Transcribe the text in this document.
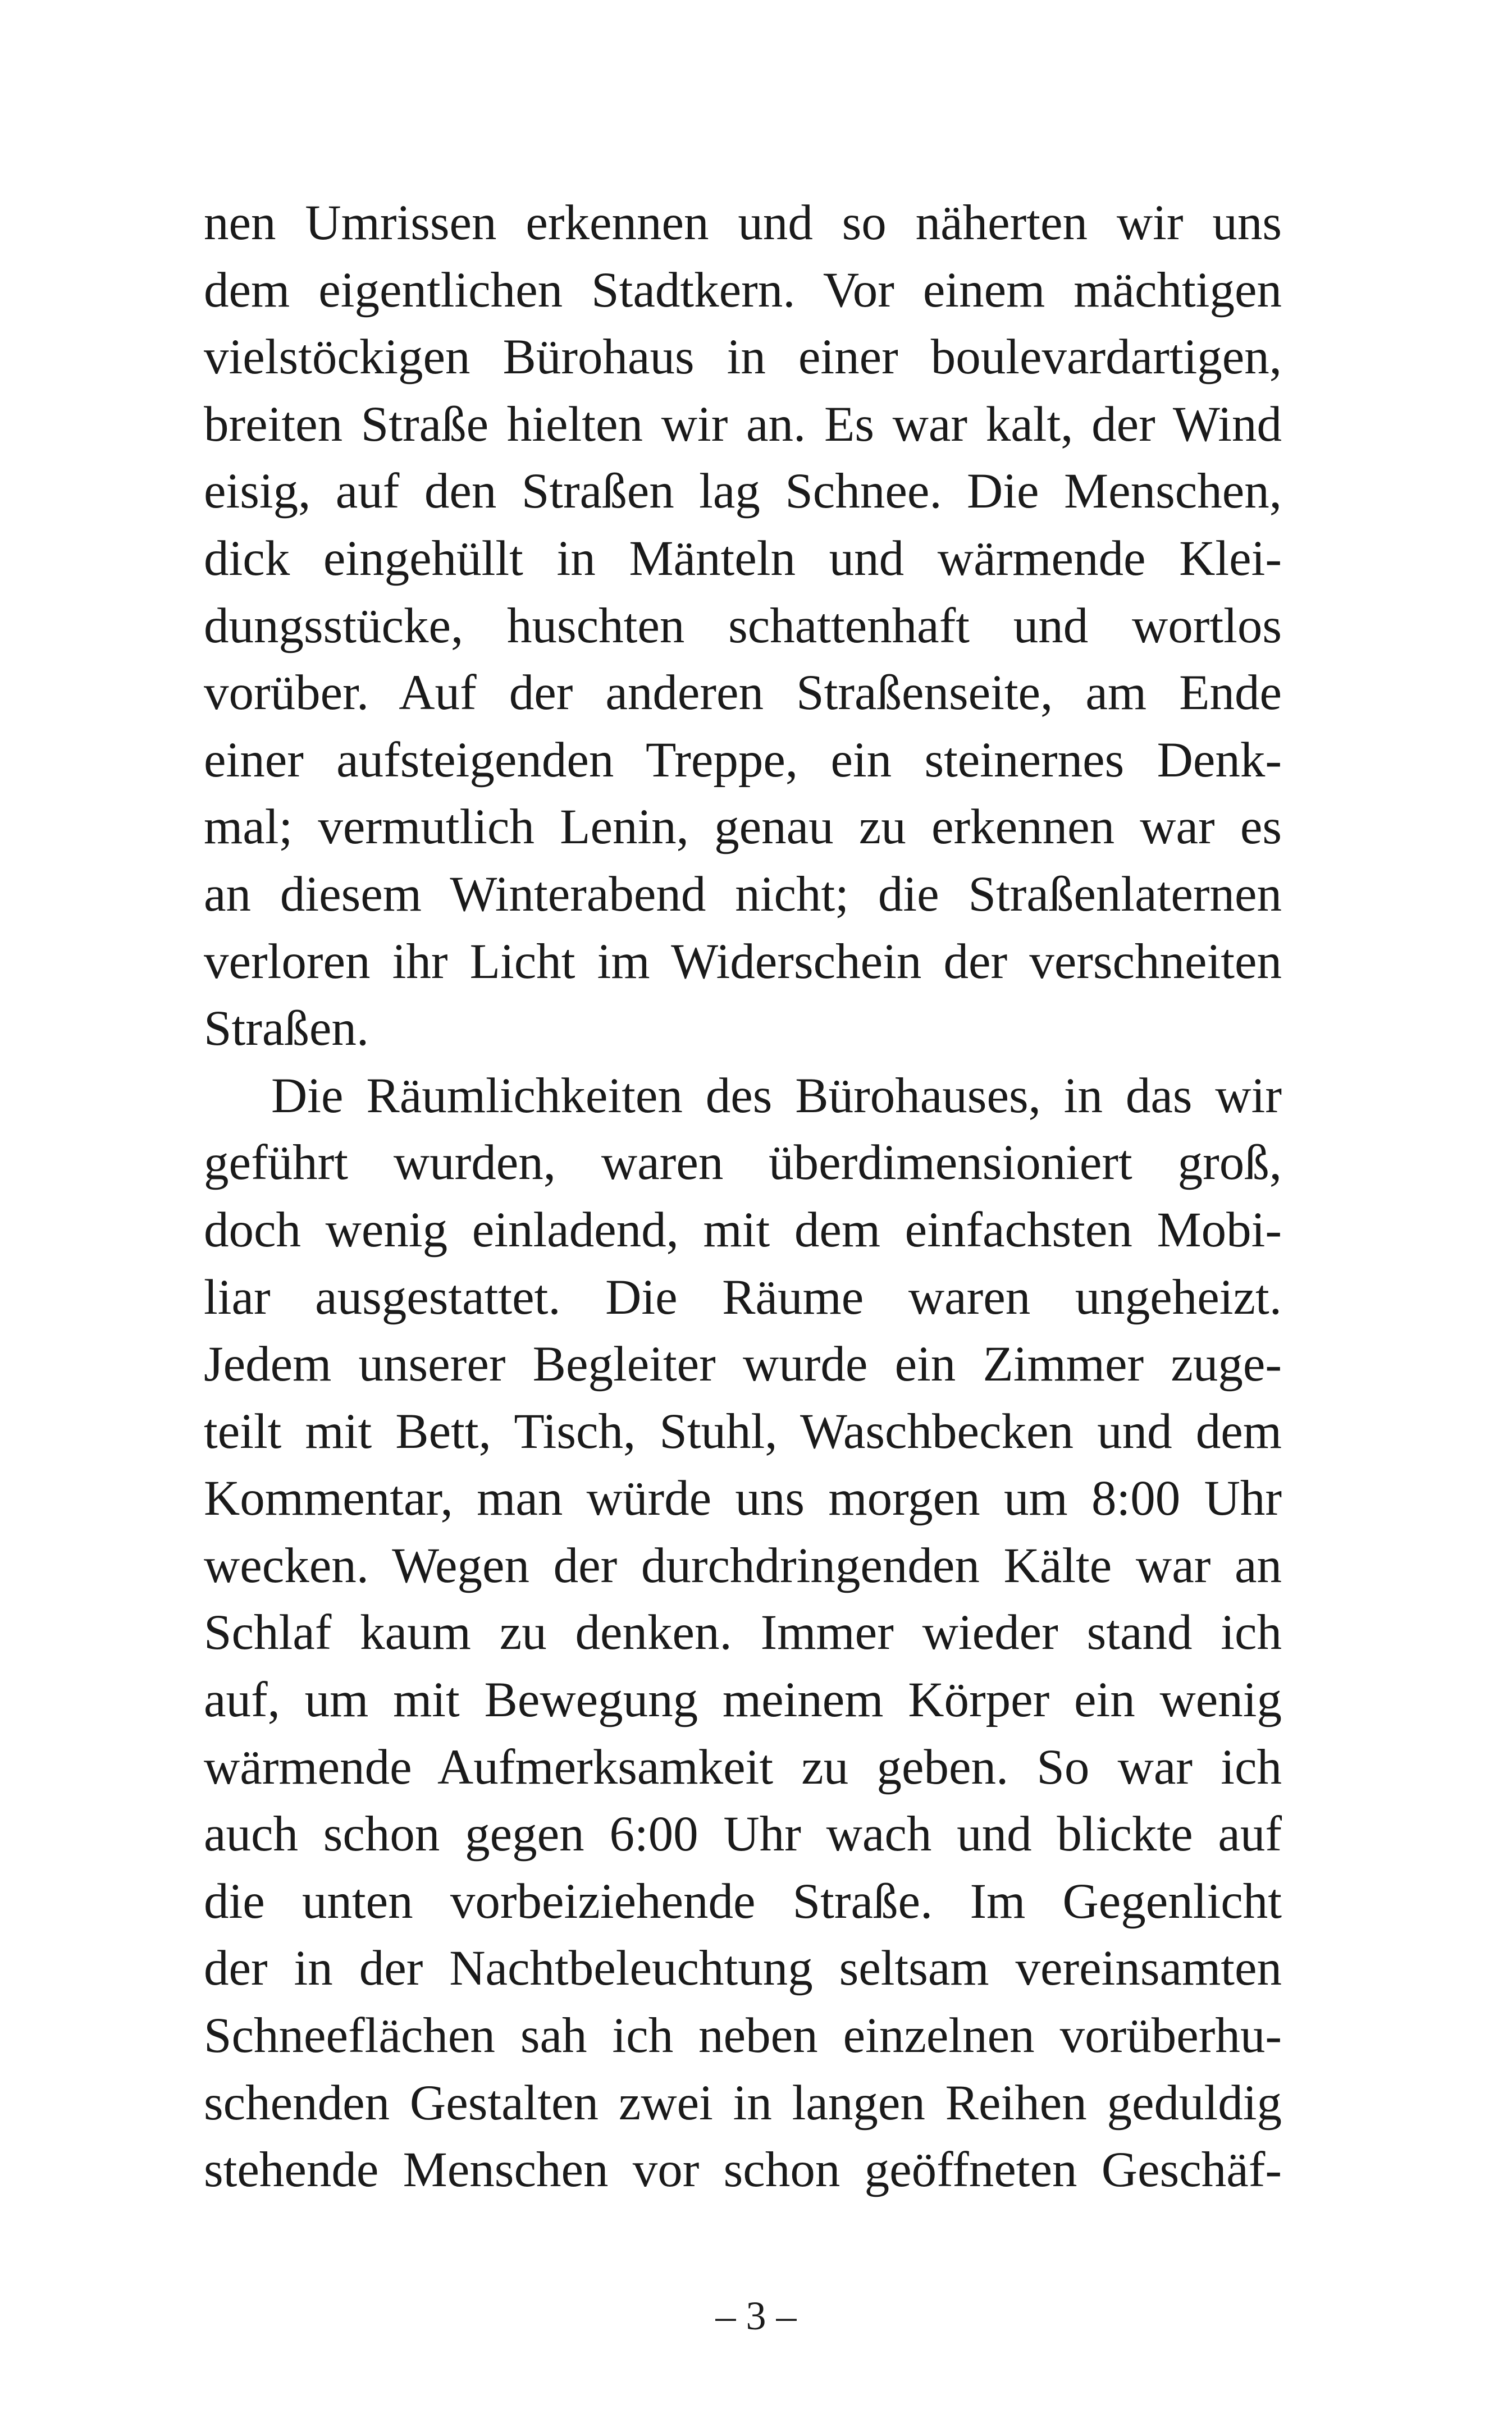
nen Umrissen erkennen und so näherten wir uns
dem eigentlichen Stadtkern. Vor einem mächtigen
vielstöckigen Bürohaus in einer boulevardartigen,
breiten Straße hielten wir an. Es war kalt, der Wind
eisig, auf den Straßen lag Schnee. Die Menschen,
dick eingehüllt in Mänteln und wärmende Klei-
dungsstücke, huschten schattenhaft und wortlos
vorüber. Auf der anderen Straßenseite, am Ende
einer aufsteigenden Treppe, ein steinernes Denk-
mal; vermutlich Lenin, genau zu erkennen war es
an diesem Winterabend nicht; die Straßenlaternen
verloren ihr Licht im Widerschein der verschneiten
Straßen.
Die Räumlichkeiten des Bürohauses, in das wir
geführt wurden, waren überdimensioniert groß,
doch wenig einladend, mit dem einfachsten Mobi-
liar ausgestattet. Die Räume waren ungeheizt.
Jedem unserer Begleiter wurde ein Zimmer zuge-
teilt mit Bett, Tisch, Stuhl, Waschbecken und dem
Kommentar, man würde uns morgen um 8:00 Uhr
wecken. Wegen der durchdringenden Kälte war an
Schlaf kaum zu denken. Immer wieder stand ich
auf, um mit Bewegung meinem Körper ein wenig
wärmende Aufmerksamkeit zu geben. So war ich
auch schon gegen 6:00 Uhr wach und blickte auf
die unten vorbeiziehende Straße. Im Gegenlicht
der in der Nachtbeleuchtung seltsam vereinsamten
Schneeflächen sah ich neben einzelnen vorüberhu-
schenden Gestalten zwei in langen Reihen geduldig
stehende Menschen vor schon geöffneten Geschäf-
– 3 –
